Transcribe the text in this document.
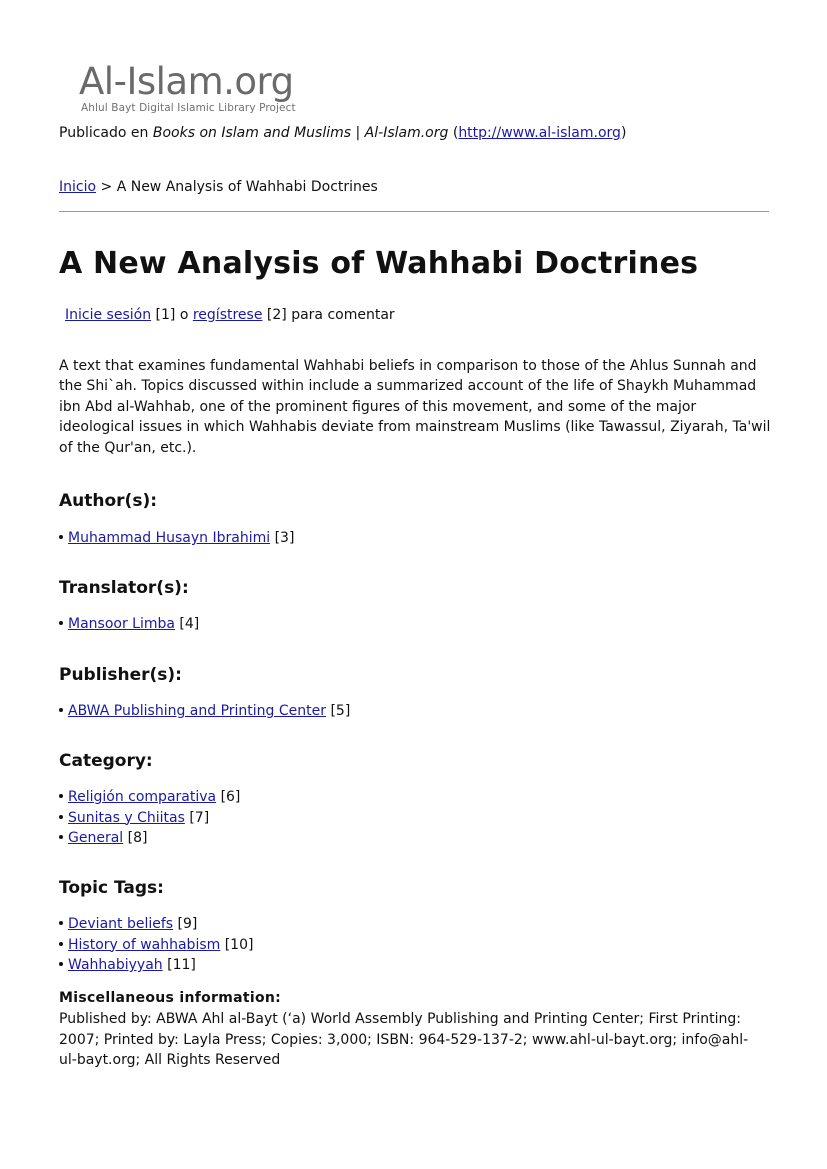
Al-Islam.org
Ahlul Bayt Digital Islamic Library Project
Publicado en Books on Islam and Muslims | Al-Islam.org (http://www.al-islam.org)
Inicio > A New Analysis of Wahhabi Doctrines
A New Analysis of Wahhabi Doctrines
Inicie sesión [1] o regístrese [2] para comentar

A text that examines fundamental Wahhabi beliefs in comparison to those of the Ahlus Sunnah and the Shi`ah. Topics discussed within include a summarized account of the life of Shaykh Muhammad ibn Abd al-Wahhab, one of the prominent figures of this movement, and some of the major ideological issues in which Wahhabis deviate from mainstream Muslims (like Tawassul, Ziyarah, Ta'wil of the Qur'an, etc.).

Author(s):
Muhammad Husayn Ibrahimi [3]
Translator(s):
Mansoor Limba [4]
Publisher(s):
ABWA Publishing and Printing Center [5]
Category:
Religión comparativa [6]
Sunitas y Chiitas [7]
General [8]
Topic Tags:
Deviant beliefs [9]
History of wahhabism [10]
Wahhabiyyah [11]
Miscellaneous information:

Published by: ABWA Ahl al-Bayt (‘a) World Assembly Publishing and Printing Center; First Printing: 2007; Printed by: Layla Press; Copies: 3,000; ISBN: 964-529-137-2; www.ahl-ul-bayt.org; info@ahl-ul-bayt.org; All Rights Reserved
